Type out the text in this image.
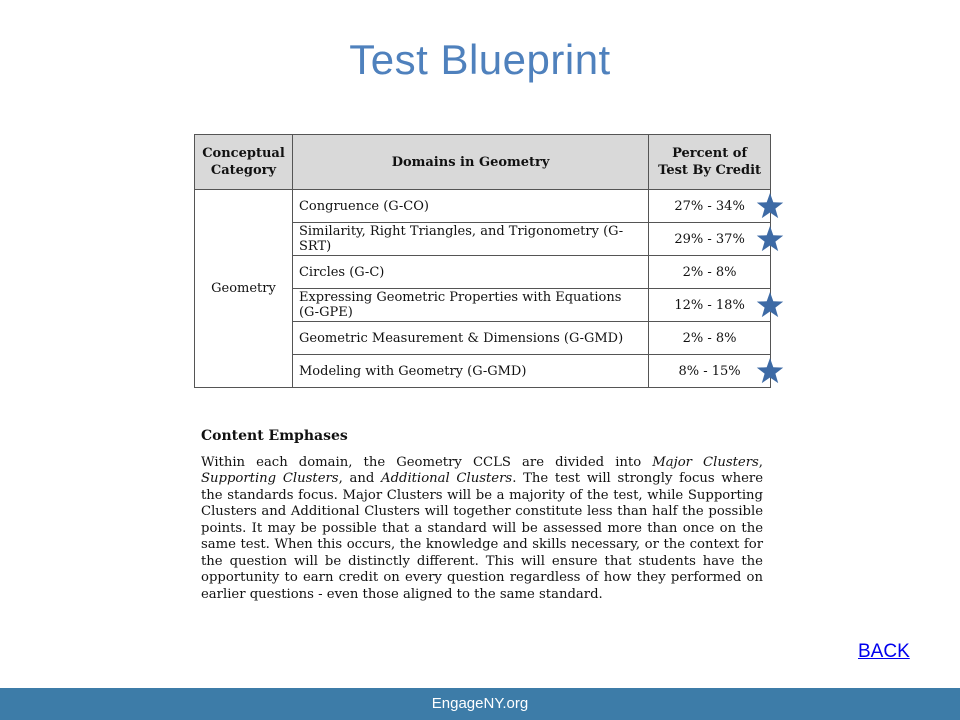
Test Blueprint
Conceptual Category	Domains in Geometry	Percent of Test By Credit
Geometry	Congruence (G-CO)	27% - 34%

	Similarity, Right Triangles, and Trigonometry (G-SRT)	29% - 37%

	Circles (G-C)	2% - 8%
	Expressing Geometric Properties with Equations (G-GPE)	12% - 18%

	Geometric Measurement & Dimensions (G-GMD)	2% - 8%
	Modeling with Geometry (G-GMD)	8% - 15%
Content Emphases

Within each domain, the Geometry CCLS are divided into Major Clusters, Supporting Clusters, and Additional Clusters. The test will strongly focus where the standards focus. Major Clusters will be a majority of the test, while Supporting Clusters and Additional Clusters will together constitute less than half the possible points. It may be possible that a standard will be assessed more than once on the same test. When this occurs, the knowledge and skills necessary, or the context for the question will be distinctly different. This will ensure that students have the opportunity to earn credit on every question regardless of how they performed on earlier questions - even those aligned to the same standard.

BACK
EngageNY.org
